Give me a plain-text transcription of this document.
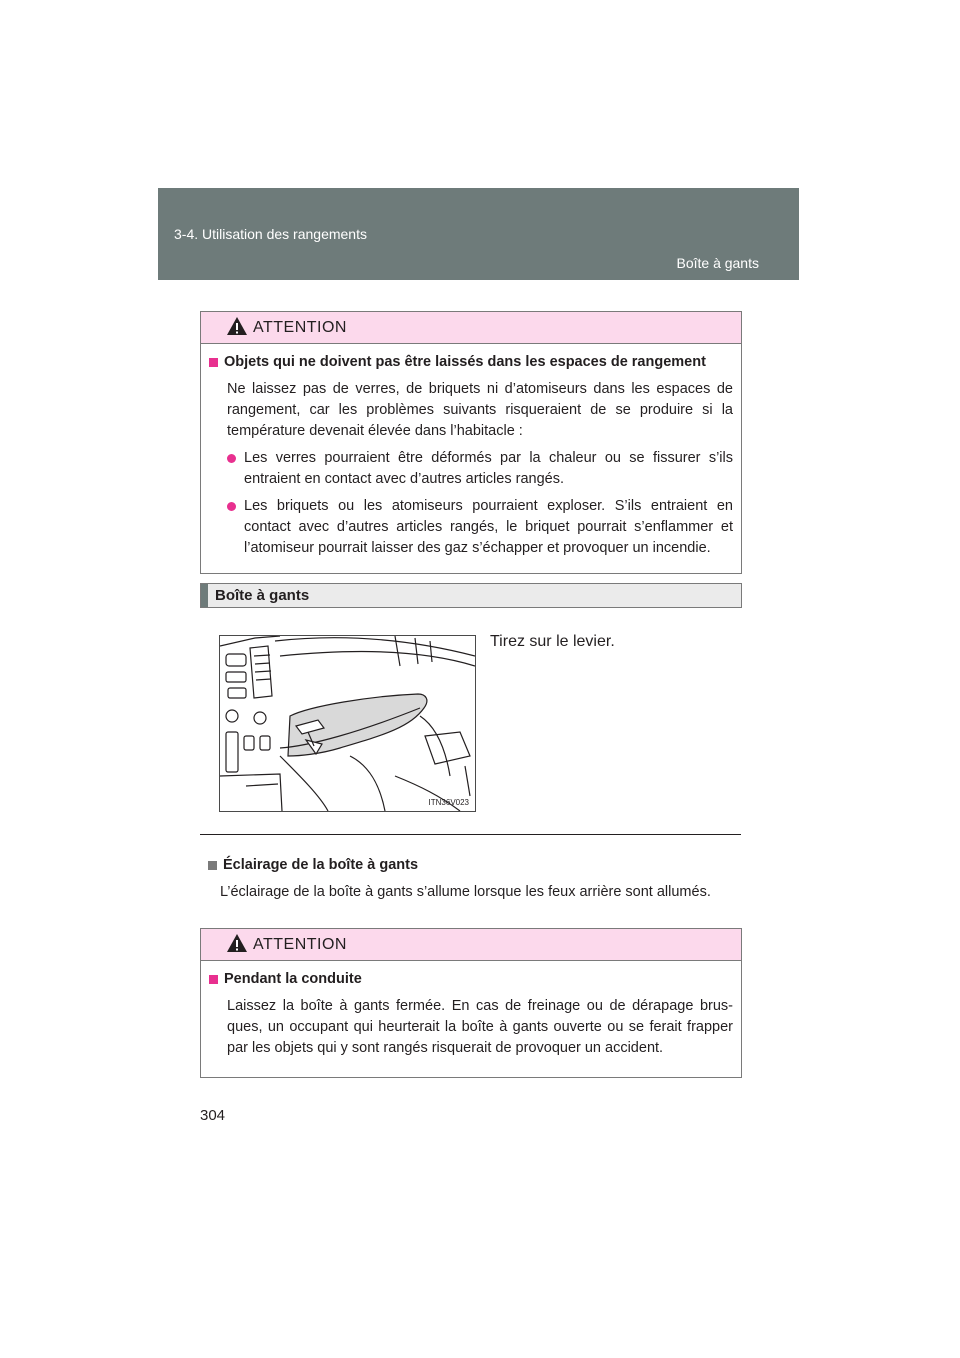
3-4. Utilisation des rangements
Boîte à gants
ATTENTION
Objets qui ne doivent pas être laissés dans les espaces de rangement
Ne laissez pas de verres, de briquets ni d’atomiseurs dans les espaces de rangement, car les problèmes suivants risqueraient de se produire si la température devenait élevée dans l’habitacle :
Les verres pourraient être déformés par la chaleur ou se fissurer s’ils entraient en contact avec d’autres articles rangés.
Les briquets ou les atomiseurs pourraient exploser. S’ils entraient en contact avec d’autres articles rangés, le briquet pourrait s’enflammer et l’atomiseur pourrait laisser des gaz s’échapper et provoquer un incendie.
Boîte à gants
ITN36V023
Tirez sur le levier.
Éclairage de la boîte à gants
L’éclairage de la boîte à gants s’allume lorsque les feux arrière sont allumés.
ATTENTION
Pendant la conduite
Laissez la boîte à gants fermée. En cas de freinage ou de dérapage brus-ques, un occupant qui heurterait la boîte à gants ouverte ou se ferait frapper par les objets qui y sont rangés risquerait de provoquer un accident.
304
